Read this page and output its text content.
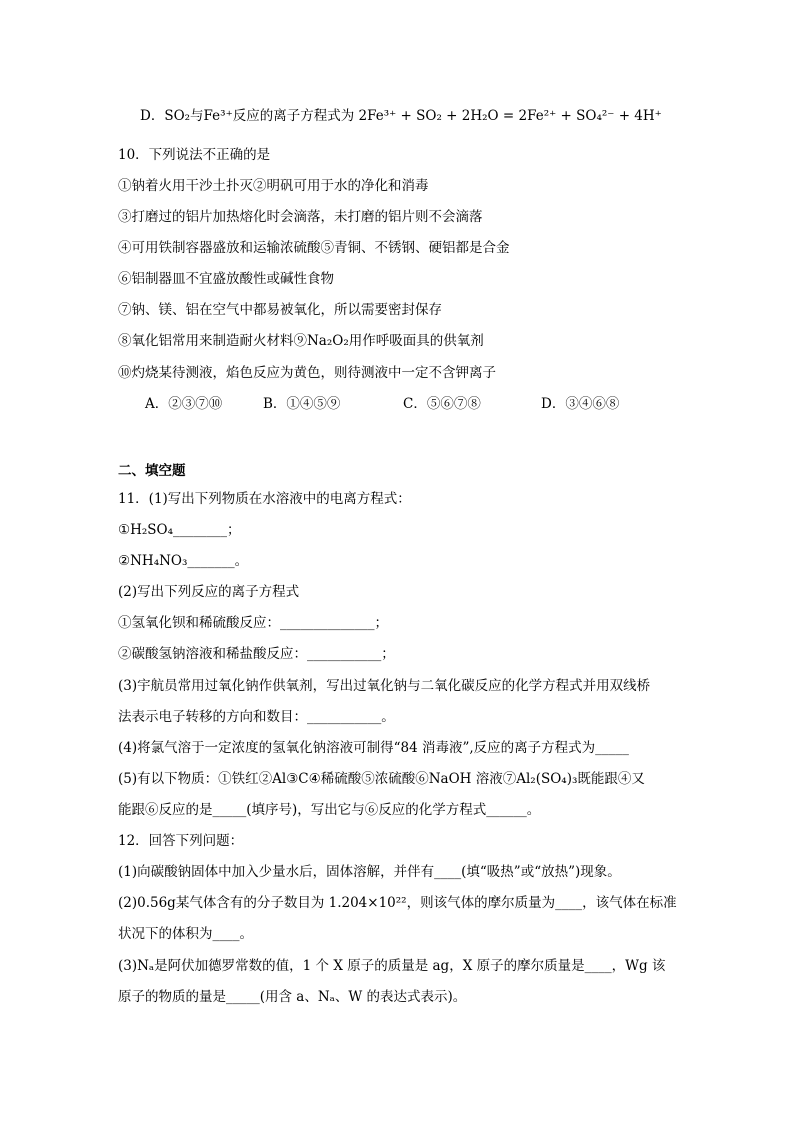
D．SO₂与Fe³⁺反应的离子方程式为 2Fe³⁺ + SO₂ + 2H₂O = 2Fe²⁺ + SO₄²⁻ + 4H⁺
10．下列说法不正确的是
①钠着火用干沙土扑灭②明矾可用于水的净化和消毒
③打磨过的铝片加热熔化时会滴落，未打磨的铝片则不会滴落
④可用铁制容器盛放和运输浓硫酸⑤青铜、不锈钢、硬铝都是合金
⑥铝制器皿不宜盛放酸性或碱性食物
⑦钠、镁、铝在空气中都易被氧化，所以需要密封保存
⑧氧化铝常用来制造耐火材料⑨Na₂O₂用作呼吸面具的供氧剂
⑩灼烧某待测液，焰色反应为黄色，则待测液中一定不含钾离子
A．②③⑦⑩	B．①④⑤⑨	C．⑤⑥⑦⑧	D．③④⑥⑧
二、填空题
11．(1)写出下列物质在水溶液中的电离方程式：
①H₂SO₄________；
②NH₄NO₃_______。
(2)写出下列反应的离子方程式
①氢氧化钡和稀硫酸反应：______________；
②碳酸氢钠溶液和稀盐酸反应：___________；
(3)宇航员常用过氧化钠作供氧剂，写出过氧化钠与二氧化碳反应的化学方程式并用双线桥
法表示电子转移的方向和数目：___________。
(4)将氯气溶于一定浓度的氢氧化钠溶液可制得“84 消毒液”,反应的离子方程式为_____
(5)有以下物质：①铁红②Al③C④稀硫酸⑤浓硫酸⑥NaOH 溶液⑦Al₂(SO₄)₃既能跟④又
能跟⑥反应的是_____(填序号)，写出它与⑥反应的化学方程式______。
12．回答下列问题：
(1)向碳酸钠固体中加入少量水后，固体溶解，并伴有____(填“吸热”或“放热”)现象。
(2)0.56g某气体含有的分子数目为 1.204×10²²，则该气体的摩尔质量为____，该气体在标准
状况下的体积为____。
(3)Nₐ是阿伏加德罗常数的值，1 个 X 原子的质量是 ag，X 原子的摩尔质量是____，Wg 该
原子的物质的量是_____(用含 a、Nₐ、W 的表达式表示)。
